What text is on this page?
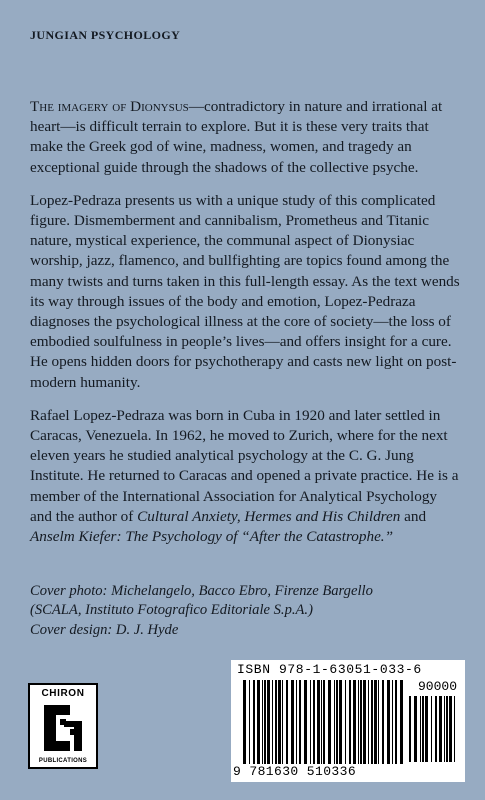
JUNGIAN PSYCHOLOGY

The imagery of Dionysus—contradictory in nature and irrational at heart—is difficult terrain to explore. But it is these very traits that make the Greek god of wine, madness, women, and tragedy an exceptional guide through the shadows of the collective psyche.

Lopez-Pedraza presents us with a unique study of this complicated figure. Dismemberment and cannibalism, Prometheus and Titanic nature, mystical experience, the communal aspect of Dionysiac worship, jazz, flamenco, and bullfighting are topics found among the many twists and turns taken in this full-length essay. As the text wends its way through issues of the body and emotion, Lopez-Pedraza diagnoses the psychological illness at the core of society—the loss of embodied soulfulness in people’s lives—and offers insight for a cure. He opens hidden doors for psychotherapy and casts new light on post-modern humanity.

Rafael Lopez-Pedraza was born in Cuba in 1920 and later settled in Caracas, Venezuela. In 1962, he moved to Zurich, where for the next eleven years he studied analytical psychology at the C. G. Jung Institute. He returned to Caracas and opened a private practice. He is a member of the International Association for Analytical Psychology and the author of Cultural Anxiety, Hermes and His Children and Anselm Kiefer: The Psychology of “After the Catastrophe.”

Cover photo: Michelangelo, Bacco Ebro, Firenze Bargello
(SCALA, Instituto Fotografico Editoriale S.p.A.)
Cover design: D. J. Hyde
CHIRON
PUBLICATIONS
ISBN 978-1-63051-033-6
90000
9 781630 510336
